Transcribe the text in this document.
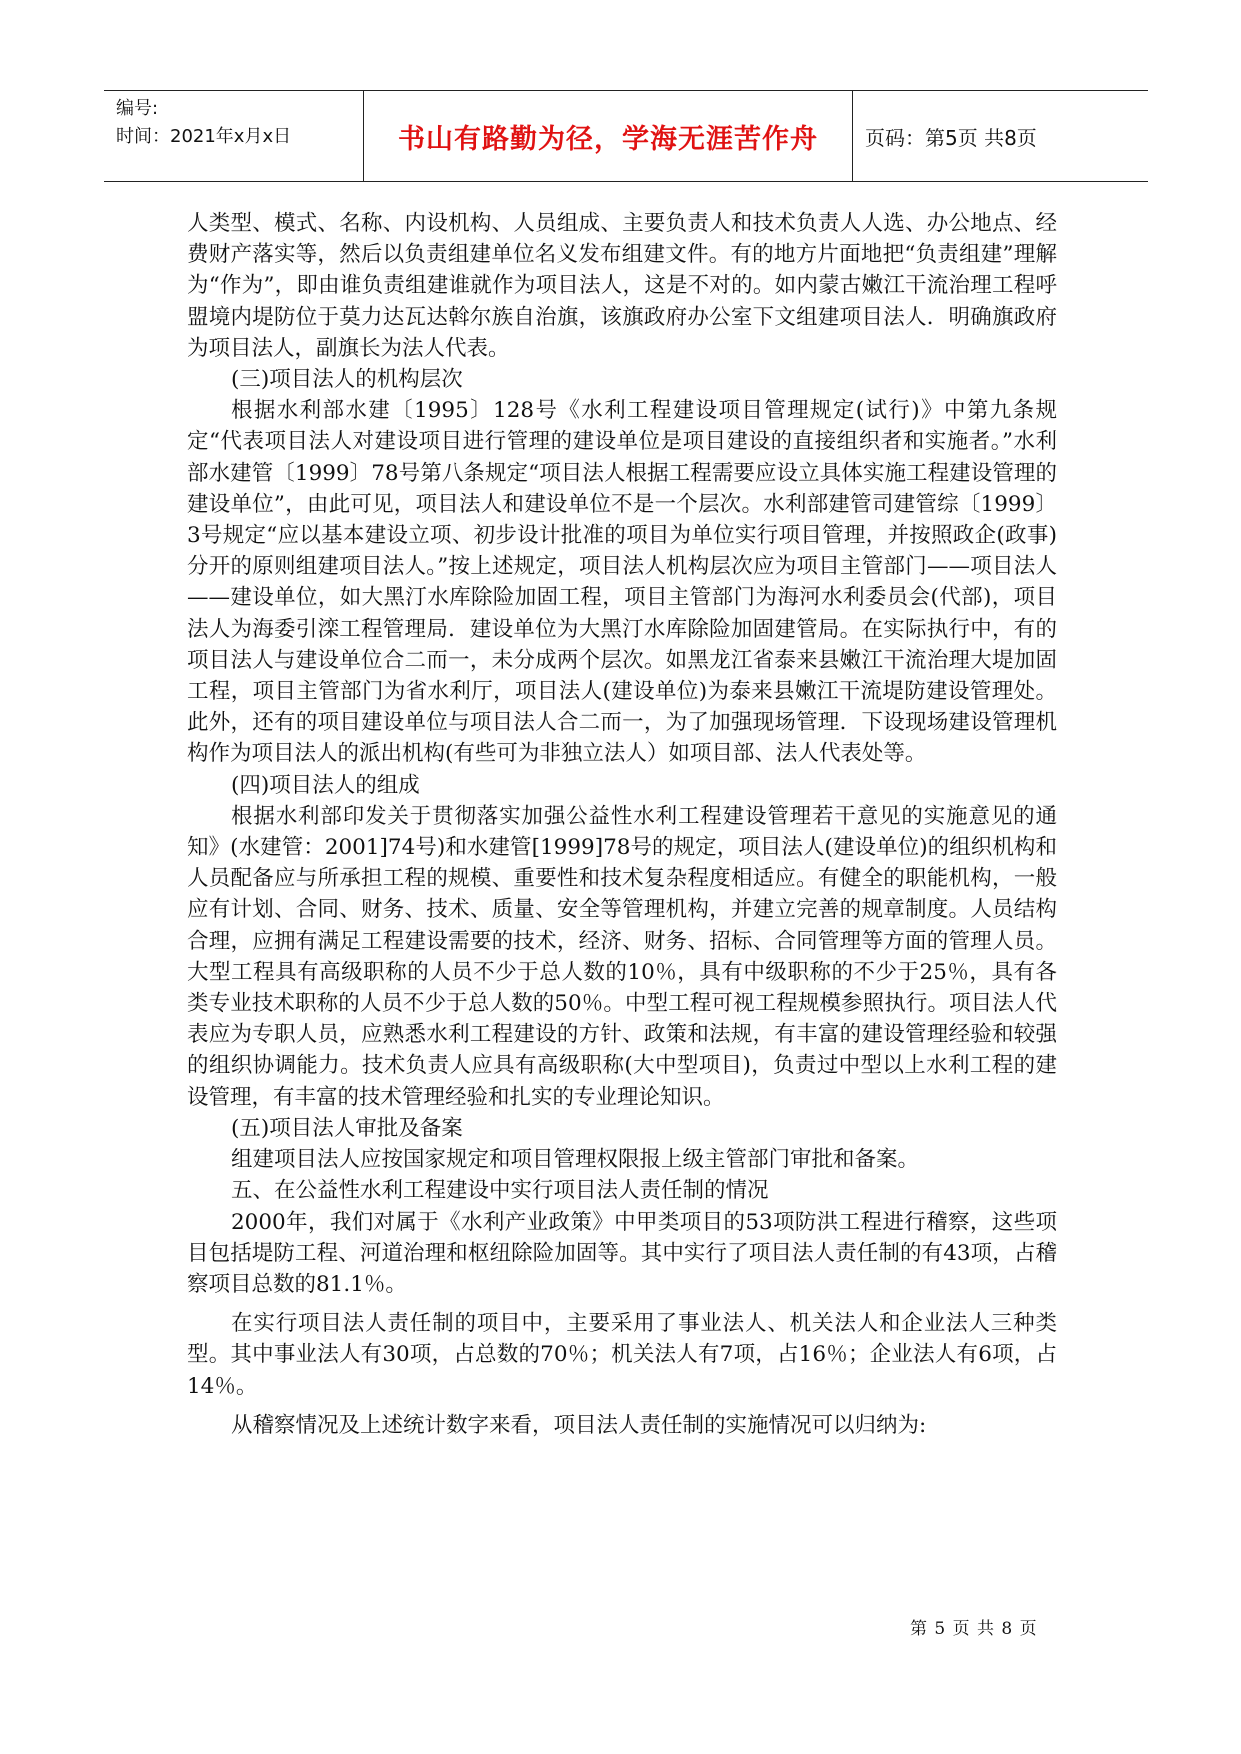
编号:
时间：2021年x月x日	书山有路勤为径，学海无涯苦作舟	页码：第5页 共8页

人类型、模式、名称、内设机构、人员组成、主要负责人和技术负责人人选、办公地点、经费财产落实等，然后以负责组建单位名义发布组建文件。有的地方片面地把“负责组建”理解为“作为”，即由谁负责组建谁就作为项目法人，这是不对的。如内蒙古嫩江干流治理工程呼盟境内堤防位于莫力达瓦达斡尔族自治旗，该旗政府办公室下文组建项目法人．明确旗政府为项目法人，副旗长为法人代表。

(三)项目法人的机构层次

根据水利部水建〔1995〕128号《水利工程建设项目管理规定(试行)》中第九条规定“代表项目法人对建设项目进行管理的建设单位是项目建设的直接组织者和实施者。”水利部水建管〔1999〕78号第八条规定“项目法人根据工程需要应设立具体实施工程建设管理的建设单位”，由此可见，项目法人和建设单位不是一个层次。水利部建管司建管综〔1999〕3号规定“应以基本建设立项、初步设计批准的项目为单位实行项目管理，并按照政企(政事)分开的原则组建项目法人。”按上述规定，项目法人机构层次应为项目主管部门——项目法人——建设单位，如大黑汀水库除险加固工程，项目主管部门为海河水利委员会(代部)，项目法人为海委引滦工程管理局．建设单位为大黑汀水库除险加固建管局。在实际执行中，有的项目法人与建设单位合二而一，未分成两个层次。如黑龙江省泰来县嫩江干流治理大堤加固工程，项目主管部门为省水利厅，项目法人(建设单位)为泰来县嫩江干流堤防建设管理处。此外，还有的项目建设单位与项目法人合二而一，为了加强现场管理．下设现场建设管理机构作为项目法人的派出机构(有些可为非独立法人）如项目部、法人代表处等。

(四)项目法人的组成

根据水利部印发关于贯彻落实加强公益性水利工程建设管理若干意见的实施意见的通知》(水建管：2001]74号)和水建管[1999]78号的规定，项目法人(建设单位)的组织机构和人员配备应与所承担工程的规模、重要性和技术复杂程度相适应。有健全的职能机构，一般应有计划、合同、财务、技术、质量、安全等管理机构，并建立完善的规章制度。人员结构合理，应拥有满足工程建设需要的技术，经济、财务、招标、合同管理等方面的管理人员。大型工程具有高级职称的人员不少于总人数的10％，具有中级职称的不少于25％，具有各类专业技术职称的人员不少于总人数的50％。中型工程可视工程规模参照执行。项目法人代表应为专职人员，应熟悉水利工程建设的方针、政策和法规，有丰富的建设管理经验和较强的组织协调能力。技术负责人应具有高级职称(大中型项目)，负责过中型以上水利工程的建设管理，有丰富的技术管理经验和扎实的专业理论知识。

(五)项目法人审批及备案

组建项目法人应按国家规定和项目管理权限报上级主管部门审批和备案。

五、在公益性水利工程建设中实行项目法人责任制的情况

2000年，我们对属于《水利产业政策》中甲类项目的53项防洪工程进行稽察，这些项目包括堤防工程、河道治理和枢纽除险加固等。其中实行了项目法人责任制的有43项，占稽察项目总数的81.1％。

在实行项目法人责任制的项目中，主要采用了事业法人、机关法人和企业法人三种类型。其中事业法人有30项，占总数的70％；机关法人有7项，占16％；企业法人有6项，占14％。

从稽察情况及上述统计数字来看，项目法人责任制的实施情况可以归纳为:

第 5 页 共 8 页
